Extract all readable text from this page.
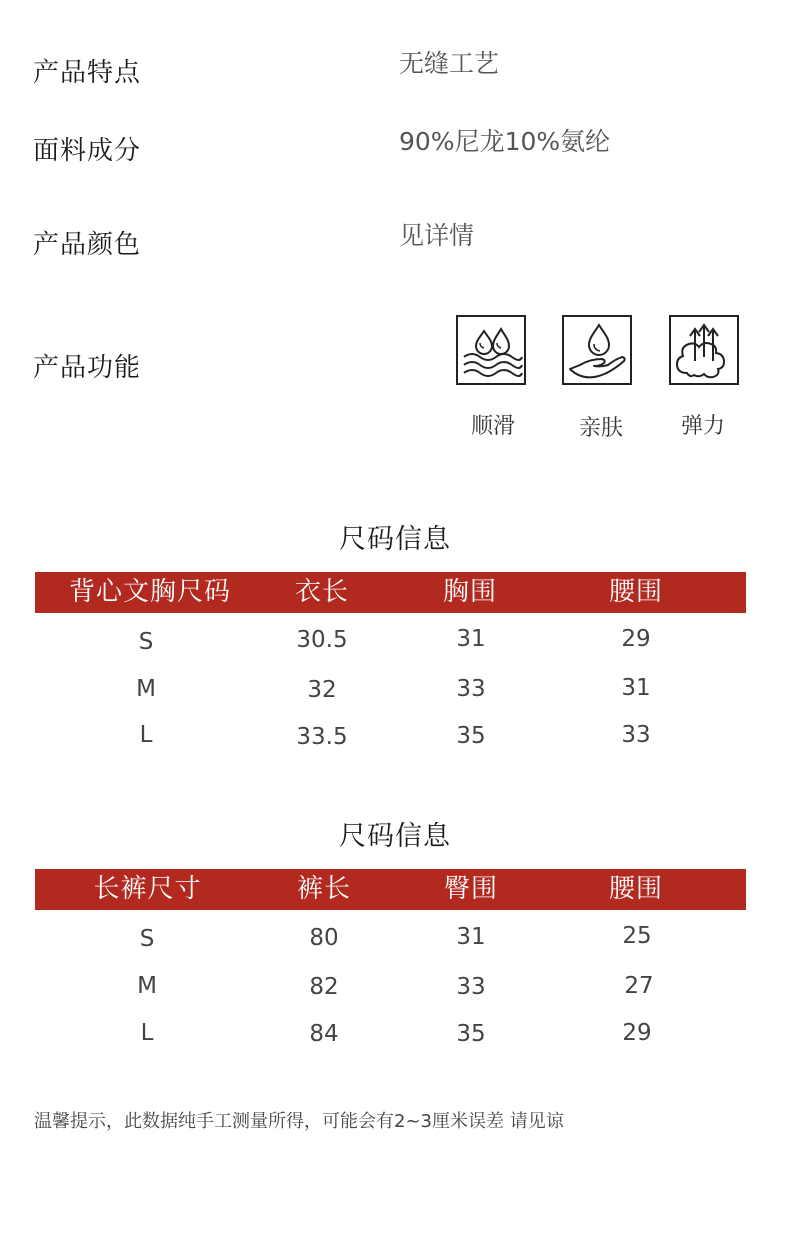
产品特点	无缝工艺
面料成分	90%尼龙10%氨纶
产品颜色	见详情
产品功能
顺滑	亲肤	弹力
尺码信息
背心文胸尺码	衣长	胸围	腰围
S	30.5	31	29
M	32	33	31
L	33.5	35	33
尺码信息
长裤尺寸	裤长	臀围	腰围
S	80	31	25
M	82	33	27
L	84	35	29
温馨提示，此数据纯手工测量所得，可能会有2~3厘米误差 请见谅
